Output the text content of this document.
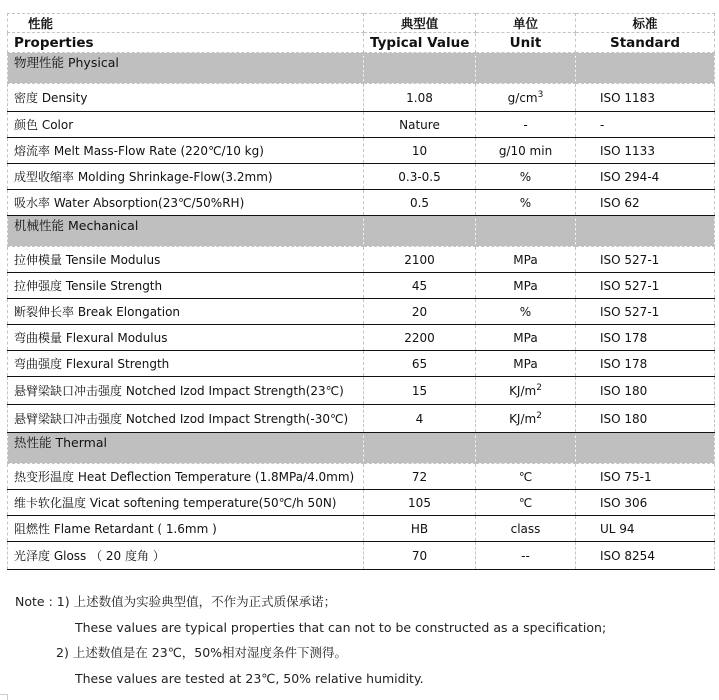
性能	典型值	单位	标准
Properties	Typical Value	Unit	Standard
物理性能 Physical			
密度 Density	1.08	$g/cm^3$	ISO 1183
颜色 Color	Nature	-	-
熔流率 Melt Mass-Flow Rate (220℃/10 kg)	10	g/10 min	ISO 1133
成型收缩率 Molding Shrinkage-Flow(3.2mm)	0.3-0.5	%	ISO 294-4
吸水率 Water Absorption(23℃/50%RH)	0.5	%	ISO 62
机械性能 Mechanical			
拉伸模量 Tensile Modulus	2100	MPa	ISO 527-1
拉伸强度 Tensile Strength	45	MPa	ISO 527-1
断裂伸长率 Break Elongation	20	%	ISO 527-1
弯曲模量 Flexural Modulus	2200	MPa	ISO 178
弯曲强度 Flexural Strength	65	MPa	ISO 178
悬臂梁缺口冲击强度 Notched Izod Impact Strength(23℃)	15	$KJ/m^2$	ISO 180
悬臂梁缺口冲击强度 Notched Izod Impact Strength(-30℃)	4	$KJ/m^2$	ISO 180
热性能 Thermal			
热变形温度 Heat Deflection Temperature (1.8MPa/4.0mm)	72	℃	ISO 75-1
维卡软化温度 Vicat softening temperature(50℃/h 50N)	105	℃	ISO 306
阻燃性 Flame Retardant ( 1.6mm )	HB	class	UL 94
光泽度 Gloss （ 20 度角 ）	70	--	ISO 8254
Note : 1) 上述数值为实验典型值，不作为正式质保承诺；
These values are typical properties that can not to be constructed as a specification;
2) 上述数值是在 23℃，50%相对湿度条件下测得。
These values are tested at 23℃, 50% relative humidity.
